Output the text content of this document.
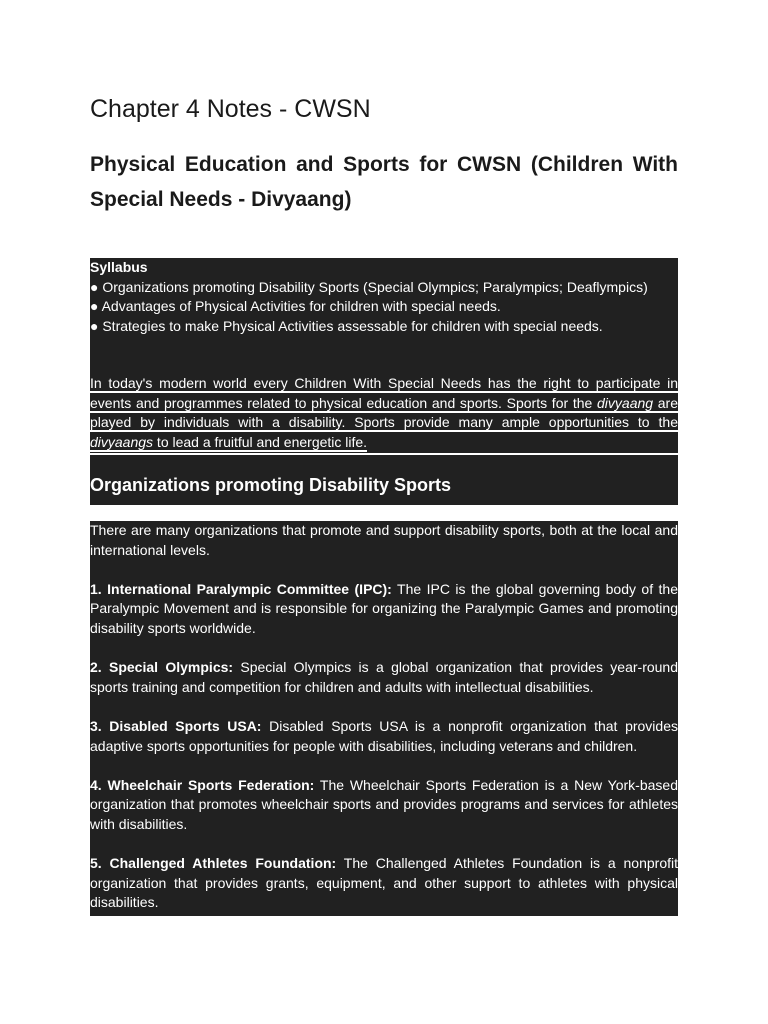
Chapter 4 Notes - CWSN
Physical Education and Sports for CWSN (Children With Special Needs - Divyaang)
Syllabus
● Organizations promoting Disability Sports (Special Olympics; Paralympics; Deaflympics)
● Advantages of Physical Activities for children with special needs.
● Strategies to make Physical Activities assessable for children with special needs.
In today's modern world every Children With Special Needs has the right to participate in events and programmes related to physical education and sports. Sports for the divyaang are played by individuals with a disability. Sports provide many ample opportunities to the divyaangs to lead a fruitful and energetic life.
Organizations promoting Disability Sports

There are many organizations that promote and support disability sports, both at the local and international levels.

1. International Paralympic Committee (IPC): The IPC is the global governing body of the Paralympic Movement and is responsible for organizing the Paralympic Games and promoting disability sports worldwide.

2. Special Olympics: Special Olympics is a global organization that provides year-round sports training and competition for children and adults with intellectual disabilities.

3. Disabled Sports USA: Disabled Sports USA is a nonprofit organization that provides adaptive sports opportunities for people with disabilities, including veterans and children.

4. Wheelchair Sports Federation: The Wheelchair Sports Federation is a New York-based organization that promotes wheelchair sports and provides programs and services for athletes with disabilities.

5. Challenged Athletes Foundation: The Challenged Athletes Foundation is a nonprofit organization that provides grants, equipment, and other support to athletes with physical disabilities.
